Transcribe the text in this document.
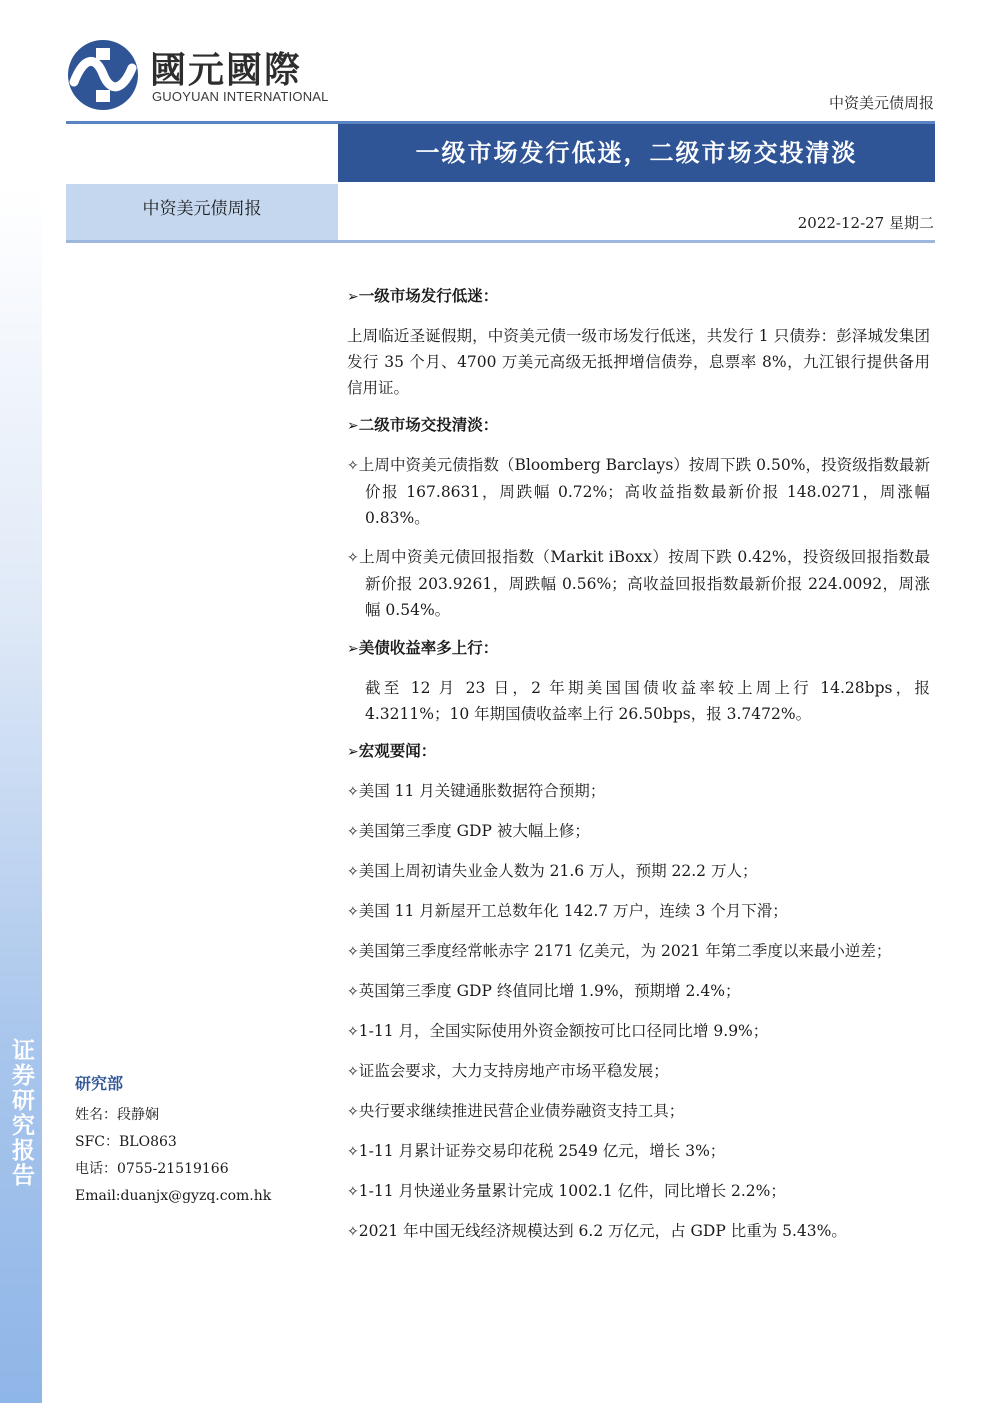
证券研究报告
國元國際
GUOYUAN INTERNATIONAL	中资美元债周报
一级市场发行低迷，二级市场交投清淡
中资美元债周报
2022-12-27 星期二
研究部
姓名：段静娴
SFC：BLO863
电话：0755-21519166
Email:duanjx@gyzq.com.hk
➢一级市场发行低迷：
上周临近圣诞假期，中资美元债一级市场发行低迷，共发行 1 只债券：彭泽城发集团发行 35 个月、4700 万美元高级无抵押增信债券，息票率 8%，九江银行提供备用信用证。
➢二级市场交投清淡：
✧上周中资美元债指数（Bloomberg Barclays）按周下跌 0.50%，投资级指数最新价报 167.8631，周跌幅 0.72%；高收益指数最新价报 148.0271，周涨幅 0.83%。
✧上周中资美元债回报指数（Markit iBoxx）按周下跌 0.42%，投资级回报指数最新价报 203.9261，周跌幅 0.56%；高收益回报指数最新价报 224.0092，周涨幅 0.54%。
➢美债收益率多上行：
截至 12 月 23 日，2 年期美国国债收益率较上周上行 14.28bps，报 4.3211%；10 年期国债收益率上行 26.50bps，报 3.7472%。
➢宏观要闻：
✧美国 11 月关键通胀数据符合预期；
✧美国第三季度 GDP 被大幅上修；
✧美国上周初请失业金人数为 21.6 万人，预期 22.2 万人；
✧美国 11 月新屋开工总数年化 142.7 万户，连续 3 个月下滑；
✧美国第三季度经常帐赤字 2171 亿美元，为 2021 年第二季度以来最小逆差；
✧英国第三季度 GDP 终值同比增 1.9%，预期增 2.4%；
✧1-11 月，全国实际使用外资金额按可比口径同比增 9.9%；
✧证监会要求，大力支持房地产市场平稳发展；
✧央行要求继续推进民营企业债券融资支持工具；
✧1-11 月累计证券交易印花税 2549 亿元，增长 3%；
✧1-11 月快递业务量累计完成 1002.1 亿件，同比增长 2.2%；
✧2021 年中国无线经济规模达到 6.2 万亿元，占 GDP 比重为 5.43%。
